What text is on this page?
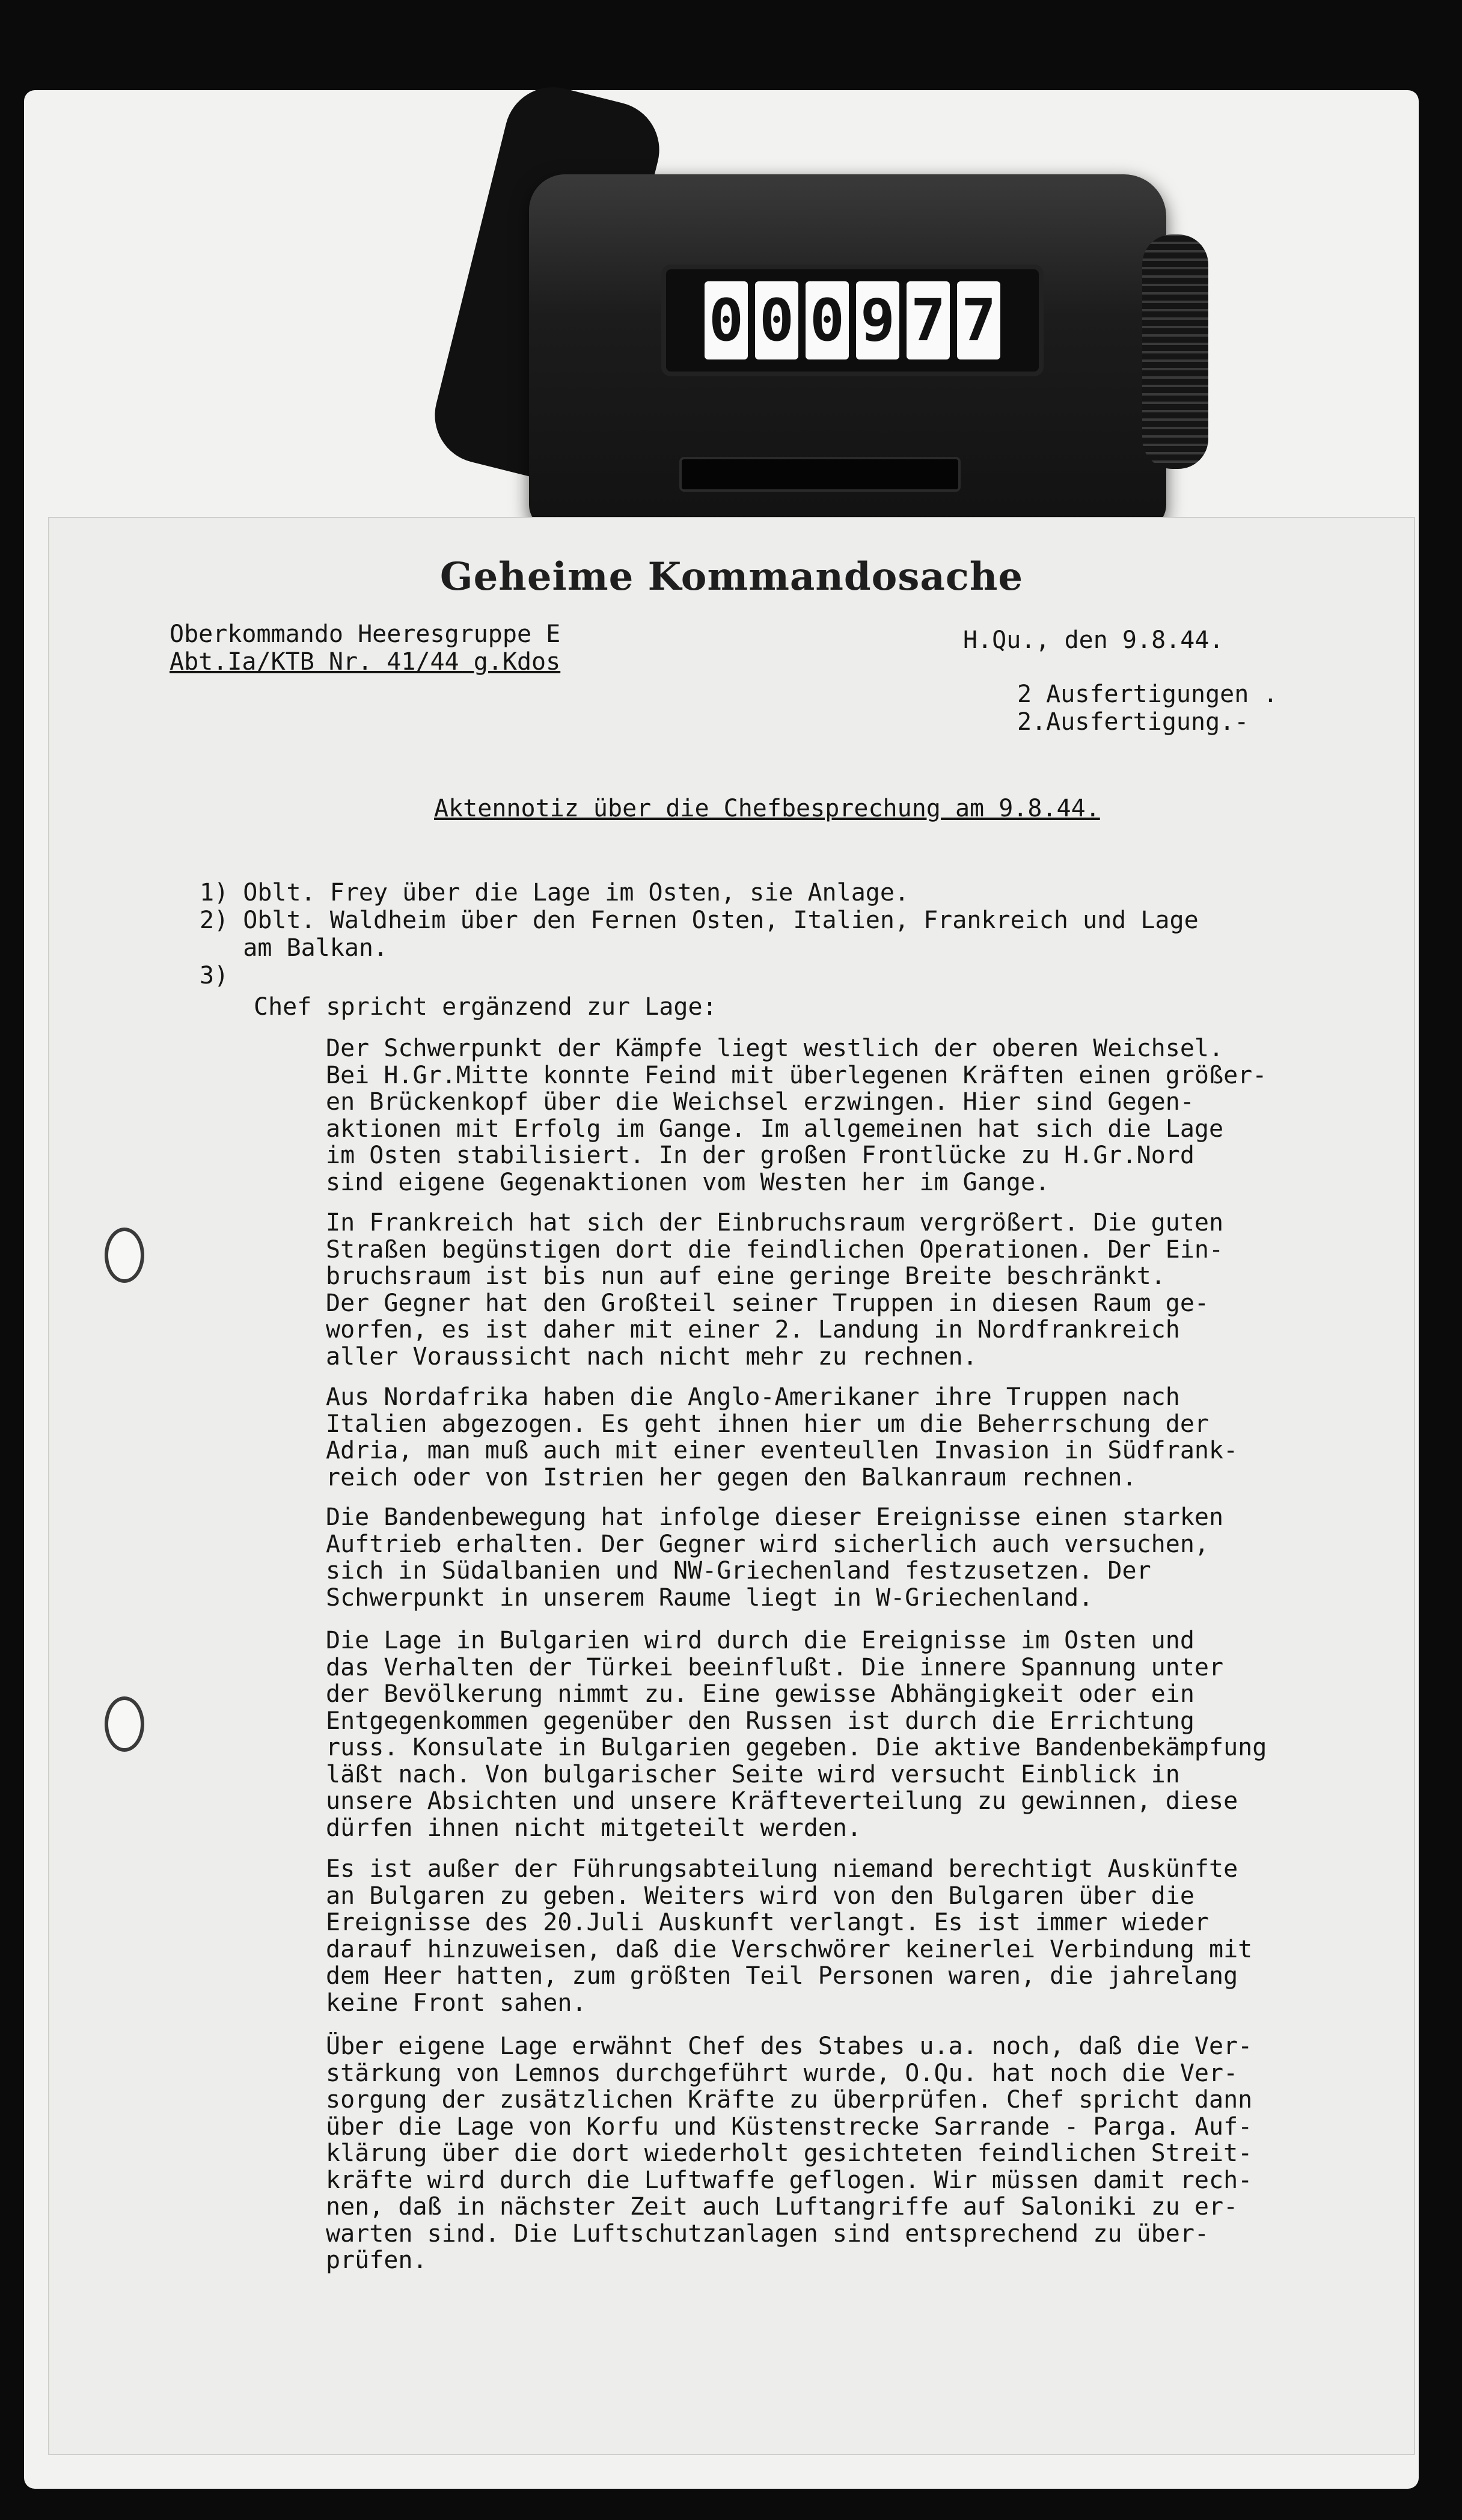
0 0 0 9 7 7
Geheime Kommandosache
Oberkommando Heeresgruppe E
Abt.Ia/KTB Nr. 41/44 g.Kdos
H.Qu., den 9.8.44.
2 Ausfertigungen .
2.Ausfertigung.-
Aktennotiz über die Chefbesprechung am 9.8.44.
1) Oblt. Frey über die Lage im Osten, sie Anlage.
2) Oblt. Waldheim über den Fernen Osten, Italien, Frankreich und Lage
am Balkan.
3)
Chef spricht ergänzend zur Lage:
Der Schwerpunkt der Kämpfe liegt westlich der oberen Weichsel.
Bei H.Gr.Mitte konnte Feind mit überlegenen Kräften einen größer-
en Brückenkopf über die Weichsel erzwingen. Hier sind Gegen-
aktionen mit Erfolg im Gange. Im allgemeinen hat sich die Lage
im Osten stabilisiert. In der großen Frontlücke zu H.Gr.Nord
sind eigene Gegenaktionen vom Westen her im Gange.
In Frankreich hat sich der Einbruchsraum vergrößert. Die guten
Straßen begünstigen dort die feindlichen Operationen. Der Ein-
bruchsraum ist bis nun auf eine geringe Breite beschränkt.
Der Gegner hat den Großteil seiner Truppen in diesen Raum ge-
worfen, es ist daher mit einer 2. Landung in Nordfrankreich
aller Voraussicht nach nicht mehr zu rechnen.
Aus Nordafrika haben die Anglo-Amerikaner ihre Truppen nach
Italien abgezogen. Es geht ihnen hier um die Beherrschung der
Adria, man muß auch mit einer eventeullen Invasion in Südfrank-
reich oder von Istrien her gegen den Balkanraum rechnen.
Die Bandenbewegung hat infolge dieser Ereignisse einen starken
Auftrieb erhalten. Der Gegner wird sicherlich auch versuchen,
sich in Südalbanien und NW-Griechenland festzusetzen. Der
Schwerpunkt in unserem Raume liegt in W-Griechenland.
Die Lage in Bulgarien wird durch die Ereignisse im Osten und
das Verhalten der Türkei beeinflußt. Die innere Spannung unter
der Bevölkerung nimmt zu. Eine gewisse Abhängigkeit oder ein
Entgegenkommen gegenüber den Russen ist durch die Errichtung
russ. Konsulate in Bulgarien gegeben. Die aktive Bandenbekämpfung
läßt nach. Von bulgarischer Seite wird versucht Einblick in
unsere Absichten und unsere Kräfteverteilung zu gewinnen, diese
dürfen ihnen nicht mitgeteilt werden.
Es ist außer der Führungsabteilung niemand berechtigt Auskünfte
an Bulgaren zu geben. Weiters wird von den Bulgaren über die
Ereignisse des 20.Juli Auskunft verlangt. Es ist immer wieder
darauf hinzuweisen, daß die Verschwörer keinerlei Verbindung mit
dem Heer hatten, zum größten Teil Personen waren, die jahrelang
keine Front sahen.
Über eigene Lage erwähnt Chef des Stabes u.a. noch, daß die Ver-
stärkung von Lemnos durchgeführt wurde, O.Qu. hat noch die Ver-
sorgung der zusätzlichen Kräfte zu überprüfen. Chef spricht dann
über die Lage von Korfu und Küstenstrecke Sarrande - Parga. Auf-
klärung über die dort wiederholt gesichteten feindlichen Streit-
kräfte wird durch die Luftwaffe geflogen. Wir müssen damit rech-
nen, daß in nächster Zeit auch Luftangriffe auf Saloniki zu er-
warten sind. Die Luftschutzanlagen sind entsprechend zu über-
prüfen.
